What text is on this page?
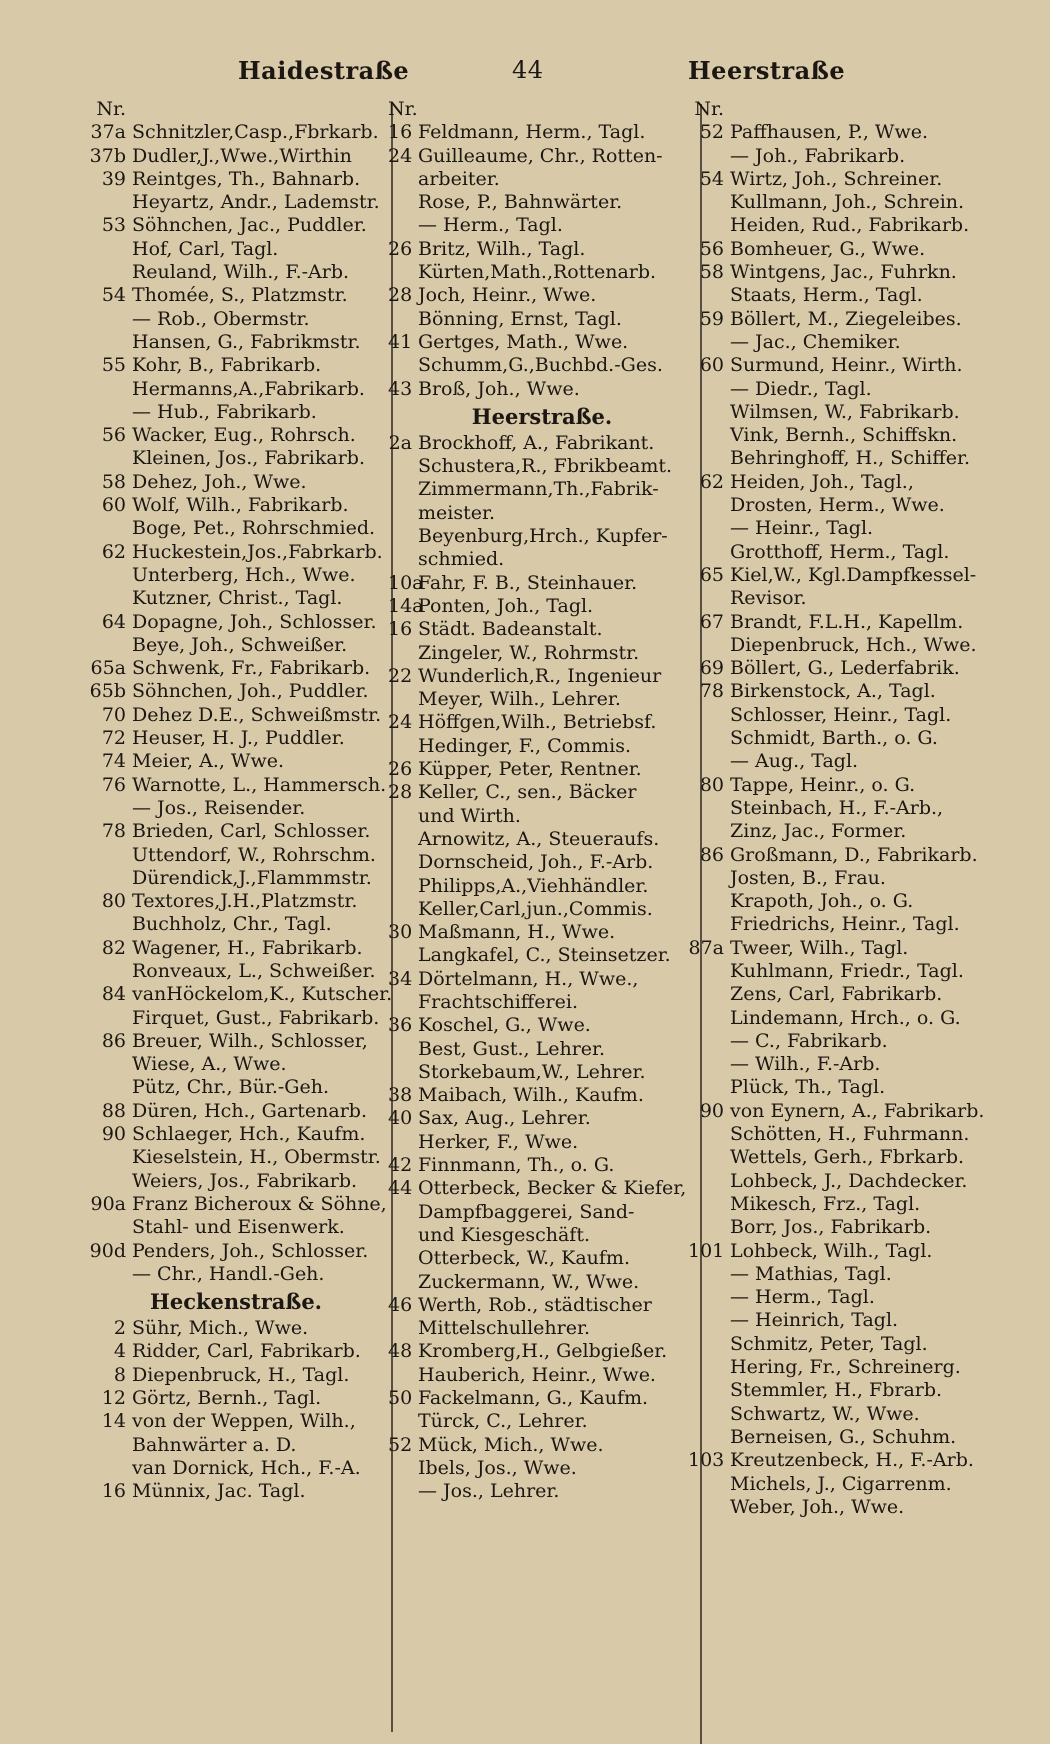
Haidestraße	44	Heerstraße
Nr.
37a Schnitzler,Casp.,Fbrkarb.
37b Dudler,J.,Wwe.,Wirthin
39 Reintges, Th., Bahnarb.
Heyartz, Andr., Lademstr.
53 Söhnchen, Jac., Puddler.
Hof, Carl, Tagl.
Reuland, Wilh., F.-Arb.
54 Thomée, S., Platzmstr.
— Rob., Obermstr.
Hansen, G., Fabrikmstr.
55 Kohr, B., Fabrikarb.
Hermanns,A.,Fabrikarb.
— Hub., Fabrikarb.
56 Wacker, Eug., Rohrsch.
Kleinen, Jos., Fabrikarb.
58 Dehez, Joh., Wwe.
60 Wolf, Wilh., Fabrikarb.
Boge, Pet., Rohrschmied.
62 Huckestein,Jos.,Fabrkarb.
Unterberg, Hch., Wwe.
Kutzner, Christ., Tagl.
64 Dopagne, Joh., Schlosser.
Beye, Joh., Schweißer.
65a Schwenk, Fr., Fabrikarb.
65b Söhnchen, Joh., Puddler.
70 Dehez D.E., Schweißmstr.
72 Heuser, H. J., Puddler.
74 Meier, A., Wwe.
76 Warnotte, L., Hammersch.
— Jos., Reisender.
78 Brieden, Carl, Schlosser.
Uttendorf, W., Rohrschm.
Dürendick,J.,Flammmstr.
80 Textores,J.H.,Platzmstr.
Buchholz, Chr., Tagl.
82 Wagener, H., Fabrikarb.
Ronveaux, L., Schweißer.
84 vanHöckelom,K., Kutscher.
Firquet, Gust., Fabrikarb.
86 Breuer, Wilh., Schlosser,
Wiese, A., Wwe.
Pütz, Chr., Bür.-Geh.
88 Düren, Hch., Gartenarb.
90 Schlaeger, Hch., Kaufm.
Kieselstein, H., Obermstr.
Weiers, Jos., Fabrikarb.
90a Franz Bicheroux & Söhne,
Stahl- und Eisenwerk.
90d Penders, Joh., Schlosser.
— Chr., Handl.-Geh.
Heckenstraße.
2 Sühr, Mich., Wwe.
4 Ridder, Carl, Fabrikarb.
8 Diepenbruck, H., Tagl.
12 Görtz, Bernh., Tagl.
14 von der Weppen, Wilh.,
Bahnwärter a. D.
van Dornick, Hch., F.-A.
16 Münnix, Jac. Tagl.
Nr.
16 Feldmann, Herm., Tagl.
24 Guilleaume, Chr., Rotten-
arbeiter.
Rose, P., Bahnwärter.
— Herm., Tagl.
26 Britz, Wilh., Tagl.
Kürten,Math.,Rottenarb.
28 Joch, Heinr., Wwe.
Bönning, Ernst, Tagl.
41 Gertges, Math., Wwe.
Schumm,G.,Buchbd.-Ges.
43 Broß, Joh., Wwe.
Heerstraße.
2a Brockhoff, A., Fabrikant.
Schustera,R., Fbrikbeamt.
Zimmermann,Th.,Fabrik-
meister.
Beyenburg,Hrch., Kupfer-
schmied.
10aFahr, F. B., Steinhauer.
14aPonten, Joh., Tagl.
16 Städt. Badeanstalt.
Zingeler, W., Rohrmstr.
22 Wunderlich,R., Ingenieur
Meyer, Wilh., Lehrer.
24 Höffgen,Wilh., Betriebsf.
Hedinger, F., Commis.
26 Küpper, Peter, Rentner.
28 Keller, C., sen., Bäcker
und Wirth.
Arnowitz, A., Steueraufs.
Dornscheid, Joh., F.-Arb.
Philipps,A.,Viehhändler.
Keller,Carl,jun.,Commis.
30 Maßmann, H., Wwe.
Langkafel, C., Steinsetzer.
34 Dörtelmann, H., Wwe.,
Frachtschifferei.
36 Koschel, G., Wwe.
Best, Gust., Lehrer.
Storkebaum,W., Lehrer.
38 Maibach, Wilh., Kaufm.
40 Sax, Aug., Lehrer.
Herker, F., Wwe.
42 Finnmann, Th., o. G.
44 Otterbeck, Becker & Kiefer,
Dampfbaggerei, Sand-
und Kiesgeschäft.
Otterbeck, W., Kaufm.
Zuckermann, W., Wwe.
46 Werth, Rob., städtischer
Mittelschullehrer.
48 Kromberg,H., Gelbgießer.
Hauberich, Heinr., Wwe.
50 Fackelmann, G., Kaufm.
Türck, C., Lehrer.
52 Mück, Mich., Wwe.
Ibels, Jos., Wwe.
— Jos., Lehrer.
Nr.
52 Paffhausen, P., Wwe.
— Joh., Fabrikarb.
54 Wirtz, Joh., Schreiner.
Kullmann, Joh., Schrein.
Heiden, Rud., Fabrikarb.
56 Bomheuer, G., Wwe.
58 Wintgens, Jac., Fuhrkn.
Staats, Herm., Tagl.
59 Böllert, M., Ziegeleibes.
— Jac., Chemiker.
60 Surmund, Heinr., Wirth.
— Diedr., Tagl.
Wilmsen, W., Fabrikarb.
Vink, Bernh., Schiffskn.
Behringhoff, H., Schiffer.
62 Heiden, Joh., Tagl.,
Drosten, Herm., Wwe.
— Heinr., Tagl.
Grotthoff, Herm., Tagl.
65 Kiel,W., Kgl.Dampfkessel-
Revisor.
67 Brandt, F.L.H., Kapellm.
Diepenbruck, Hch., Wwe.
69 Böllert, G., Lederfabrik.
78 Birkenstock, A., Tagl.
Schlosser, Heinr., Tagl.
Schmidt, Barth., o. G.
— Aug., Tagl.
80 Tappe, Heinr., o. G.
Steinbach, H., F.-Arb.,
Zinz, Jac., Former.
86 Großmann, D., Fabrikarb.
Josten, B., Frau.
Krapoth, Joh., o. G.
Friedrichs, Heinr., Tagl.
87a Tweer, Wilh., Tagl.
Kuhlmann, Friedr., Tagl.
Zens, Carl, Fabrikarb.
Lindemann, Hrch., o. G.
— C., Fabrikarb.
— Wilh., F.-Arb.
Plück, Th., Tagl.
90 von Eynern, A., Fabrikarb.
Schötten, H., Fuhrmann.
Wettels, Gerh., Fbrkarb.
Lohbeck, J., Dachdecker.
Mikesch, Frz., Tagl.
Borr, Jos., Fabrikarb.
101 Lohbeck, Wilh., Tagl.
— Mathias, Tagl.
— Herm., Tagl.
— Heinrich, Tagl.
Schmitz, Peter, Tagl.
Hering, Fr., Schreinerg.
Stemmler, H., Fbrarb.
Schwartz, W., Wwe.
Berneisen, G., Schuhm.
103 Kreutzenbeck, H., F.-Arb.
Michels, J., Cigarrenm.
Weber, Joh., Wwe.
